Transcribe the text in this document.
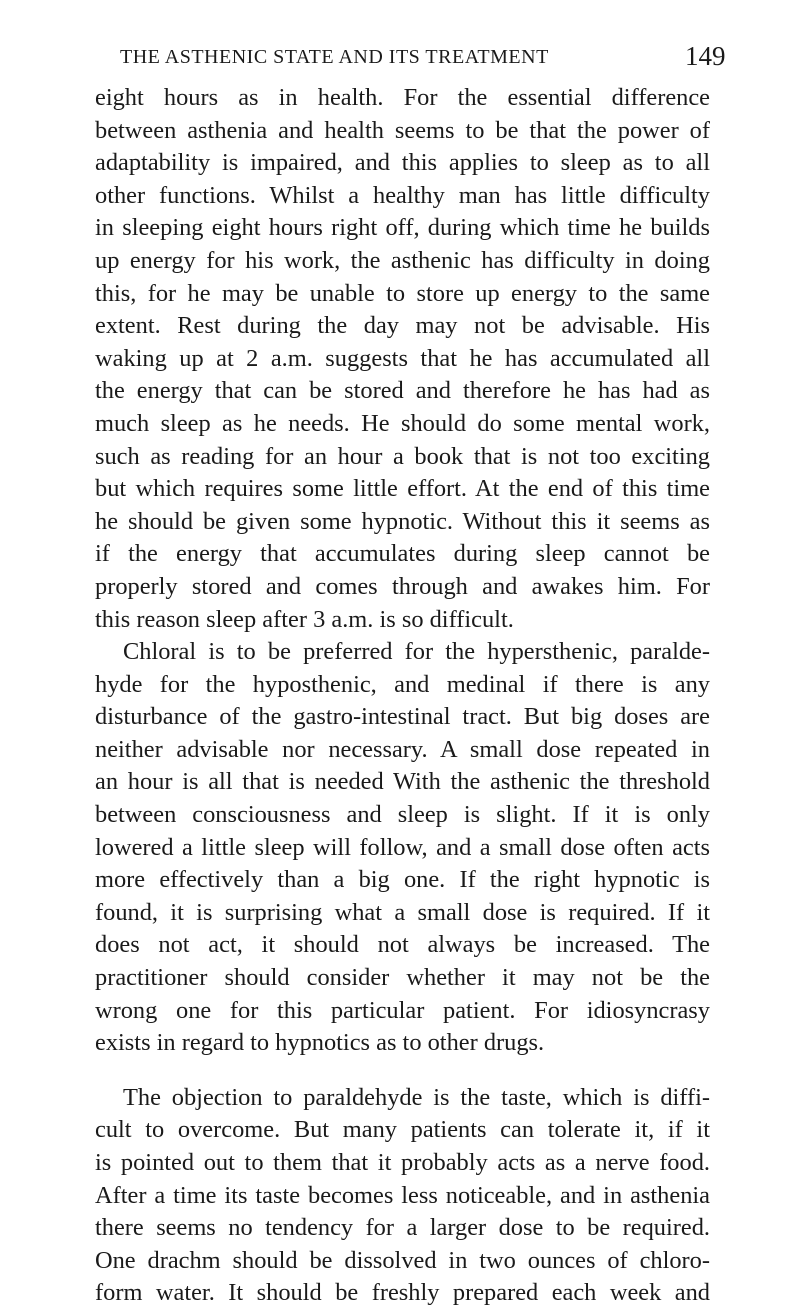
THE ASTHENIC STATE AND ITS TREATMENT	149
eight hours as in health. For the essential difference
between asthenia and health seems to be that the power of
adaptability is impaired, and this applies to sleep as to all
other functions. Whilst a healthy man has little difficulty
in sleeping eight hours right off, during which time he builds
up energy for his work, the asthenic has difficulty in doing
this, for he may be unable to store up energy to the same
extent. Rest during the day may not be advisable. His
waking up at 2 a.m. suggests that he has accumulated all
the energy that can be stored and therefore he has had as
much sleep as he needs. He should do some mental work,
such as reading for an hour a book that is not too exciting
but which requires some little effort. At the end of this time
he should be given some hypnotic. Without this it seems as
if the energy that accumulates during sleep cannot be
properly stored and comes through and awakes him. For
this reason sleep after 3 a.m. is so difficult.
Chloral is to be preferred for the hypersthenic, paralde-
hyde for the hyposthenic, and medinal if there is any
disturbance of the gastro-intestinal tract. But big doses are
neither advisable nor necessary. A small dose repeated in
an hour is all that is needed With the asthenic the threshold
between consciousness and sleep is slight. If it is only
lowered a little sleep will follow, and a small dose often acts
more effectively than a big one. If the right hypnotic is
found, it is surprising what a small dose is required. If it
does not act, it should not always be increased. The
practitioner should consider whether it may not be the
wrong one for this particular patient. For idiosyncrasy
exists in regard to hypnotics as to other drugs.
The objection to paraldehyde is the taste, which is diffi-
cult to overcome. But many patients can tolerate it, if it
is pointed out to them that it probably acts as a nerve food.
After a time its taste becomes less noticeable, and in asthenia
there seems no tendency for a larger dose to be required.
One drachm should be dissolved in two ounces of chloro-
form water. It should be freshly prepared each week and
